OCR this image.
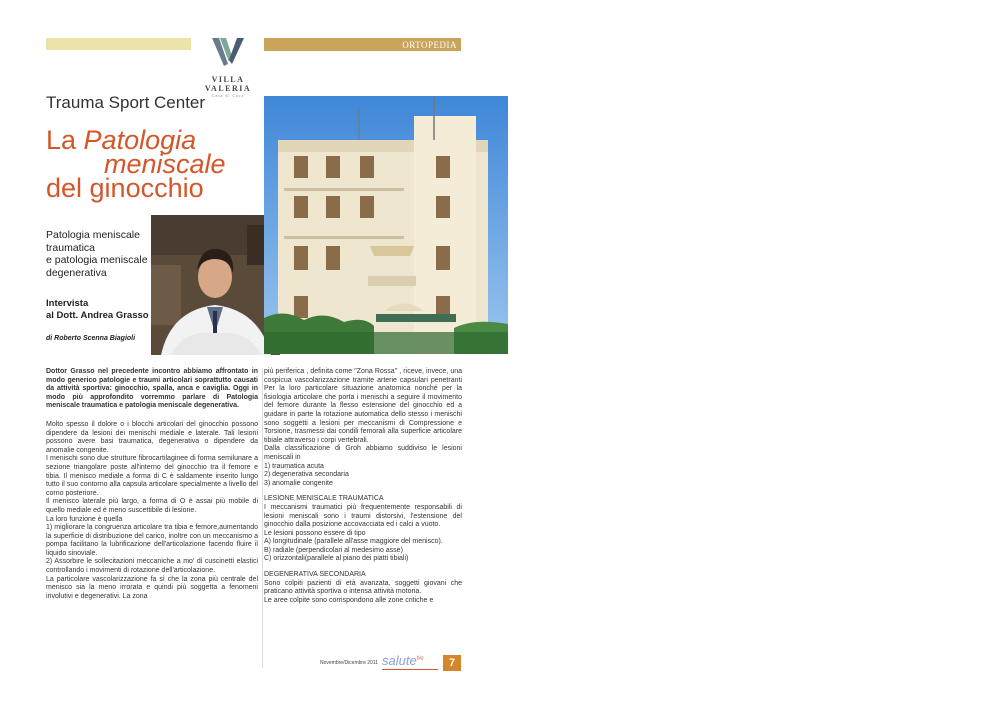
ORTOPEDIA
VILLA VALERIA
Casa di Cura
Trauma Sport Center
La Patologia
meniscale
del ginocchio
Patologia meniscale
traumatica
e patologia meniscale
degenerativa
Intervista
al Dott. Andrea Grasso
di Roberto Scenna Biagioli

Dottor Grasso nel precedente incontro abbiamo affrontato in modo generico patologie e traumi articolari soprattutto causati da attività sportiva: ginocchio, spalla, anca e caviglia. Oggi in modo più approfondito vorremmo parlare di Patologia meniscale traumatica e patologia meniscale degenerativa.

Molto spesso il dolore o i blocchi articolari del ginocchio possono dipendere da lesioni dei menischi mediale e laterale. Tali lesioni possono avere basi traumatica, degenerativa o dipendere da anomalie congenite.

I menischi sono due strutture fibrocartilaginee di forma semilunare a sezione triangolare poste all'interno del ginocchio tra il femore e tibia. Il menisco mediale a forma di C è saldamente inserito lungo tutto il suo contorno alla capsula articolare specialmente a livello del corno posteriore.

Il menisco laterale più largo, a forma di O è assai più mobile di quello mediale ed è meno suscettibile di lesione.

La loro funzione è quella

1) migliorare la congruenza articolare tra tibia e femore,aumentando la superficie di distribuzione del carico, inoltre con un meccanismo a pompa facilitano la lubrificazione dell'articolazione facendo fluire il liquido sinoviale.

2) Assorbire le sollecitazioni meccaniche a mo' di cuscinetti elastici controllando i movimenti di rotazione dell'articolazione.

La particolare vascolarizzazione fa sì che la zona più centrale del menisco sia la meno irrorata e quindi più soggetta a fenomeni involutivi e degenerativi. La zona

più periferica , definita come "Zona Rossa" , riceve, invece, una cospicua vascolarizzazione tramite arterie capsulari penetranti Per la loro particolare situazione anatomica nonché per la fisiologia articolare che porta i menischi a seguire il movimento del femore durante la flesso estensione del ginocchio ed a guidare in parte la rotazione automatica dello stesso i menischi sono soggetti a lesioni per meccanismi di Compressione e Torsione, trasmessi dai condili femorali alla superficie articolare tibiale attraverso i corpi vertebrali.

Dalla classificazione di Groh abbiamo suddiviso le lesioni meniscali in

1) traumatica acuta

2) degenerativa secondaria

3) anomalie congenite

LESIONE MENISCALE TRAUMATICA

I meccanismi traumatici più frequentemente responsabili di lesioni meniscali sono i traumi distorsivi, l'estensione del ginocchio dalla posizione accovacciata ed i calci a vuoto.

Le lesioni possono essere di tipo

A) longitudinale (parallele all'asse maggiore del menisco).

B) radiale (perpendicolari al medesimo asse)

C) orizzontali(parallele al piano dei piatti tibiali)

DEGENERATIVA SECONDARIA

Sono colpiti pazienti di età avanzata, soggetti giovani che praticano attività sportiva o intensa attività motoria.

Le aree colpite sono corrispondono alle zone critiche e

Novembre/Dicembre 2011 salute$^{bio}$	7
